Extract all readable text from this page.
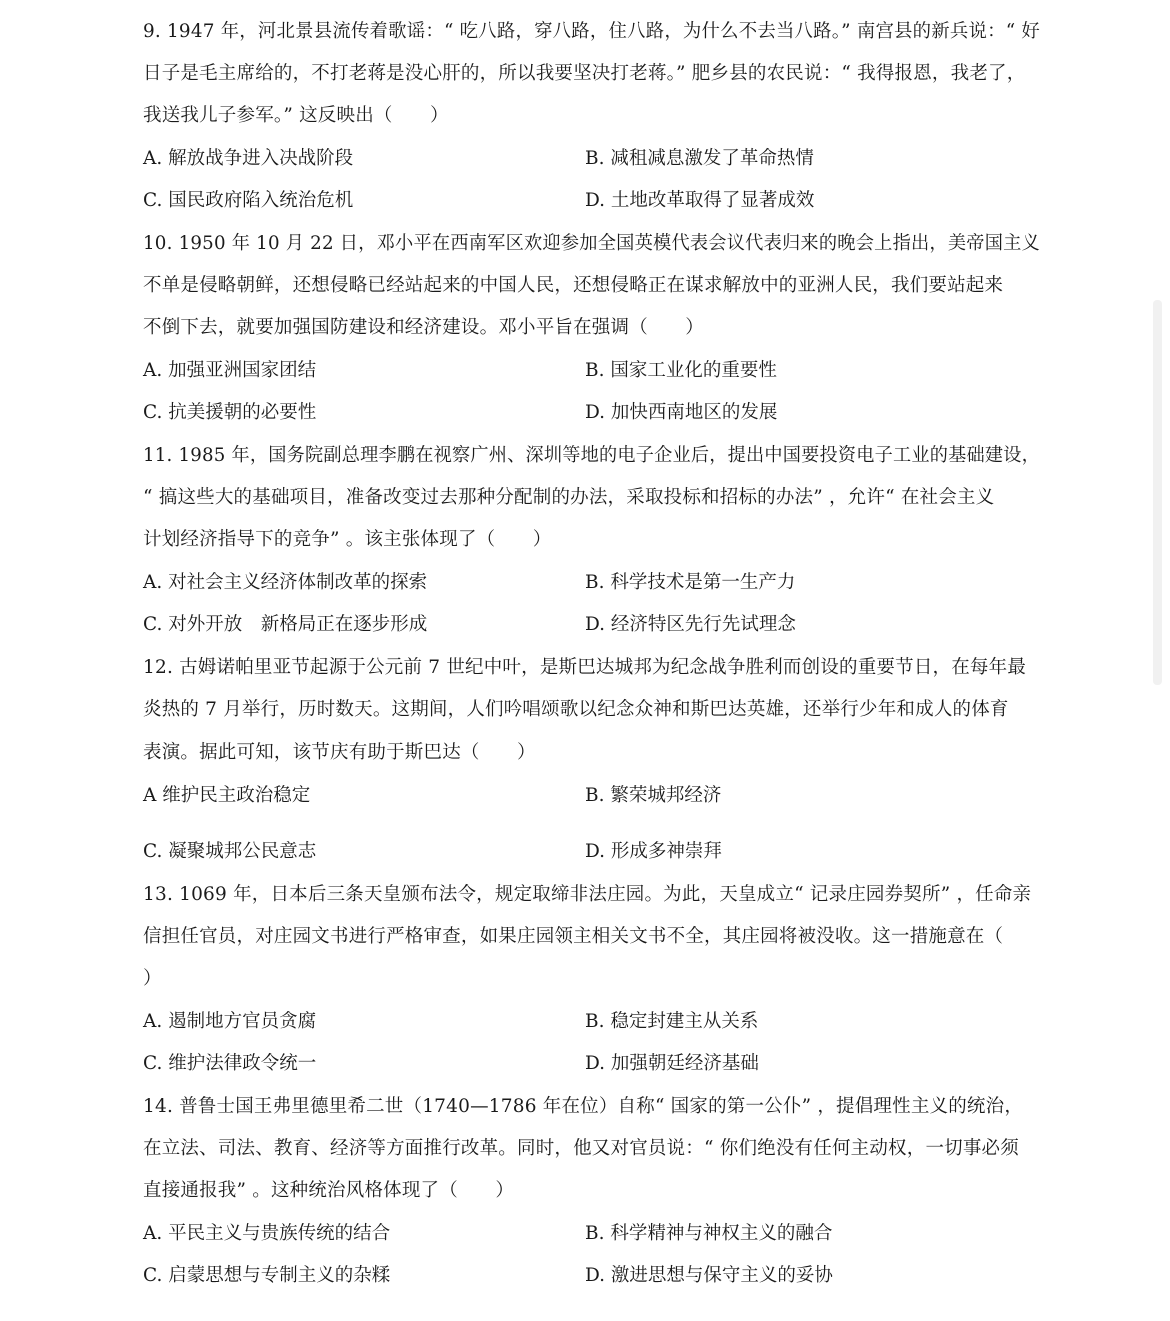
9. 1947 年，河北景县流传着歌谣：“ 吃八路，穿八路，住八路，为什么不去当八路。” 南宫县的新兵说：“ 好
日子是毛主席给的，不打老蒋是没心肝的，所以我要坚决打老蒋。” 肥乡县的农民说：“ 我得报恩，我老了，
我送我儿子参军。” 这反映出（　　）
A. 解放战争进入决战阶段	B. 减租减息激发了革命热情
C. 国民政府陷入统治危机	D. 土地改革取得了显著成效
10. 1950 年 10 月 22 日，邓小平在西南军区欢迎参加全国英模代表会议代表归来的晚会上指出，美帝国主义
不单是侵略朝鲜，还想侵略已经站起来的中国人民，还想侵略正在谋求解放中的亚洲人民，我们要站起来
不倒下去，就要加强国防建设和经济建设。邓小平旨在强调（　　）
A. 加强亚洲国家团结	B. 国家工业化的重要性
C. 抗美援朝的必要性	D. 加快西南地区的发展
11. 1985 年，国务院副总理李鹏在视察广州、深圳等地的电子企业后，提出中国要投资电子工业的基础建设，
“ 搞这些大的基础项目，准备改变过去那种分配制的办法，采取投标和招标的办法” ，允许“ 在社会主义
计划经济指导下的竞争” 。该主张体现了（　　）
A. 对社会主义经济体制改革的探索	B. 科学技术是第一生产力
C. 对外开放　新格局正在逐步形成	D. 经济特区先行先试理念
12. 古姆诺帕里亚节起源于公元前 7 世纪中叶，是斯巴达城邦为纪念战争胜利而创设的重要节日，在每年最
炎热的 7 月举行，历时数天。这期间，人们吟唱颂歌以纪念众神和斯巴达英雄，还举行少年和成人的体育
表演。据此可知，该节庆有助于斯巴达（　　）
A 维护民主政治稳定	B. 繁荣城邦经济
C. 凝聚城邦公民意志	D. 形成多神崇拜
13. 1069 年，日本后三条天皇颁布法令，规定取缔非法庄园。为此，天皇成立“ 记录庄园券契所” ，任命亲
信担任官员，对庄园文书进行严格审查，如果庄园领主相关文书不全，其庄园将被没收。这一措施意在（
）
A. 遏制地方官员贪腐	B. 稳定封建主从关系
C. 维护法律政令统一	D. 加强朝廷经济基础
14. 普鲁士国王弗里德里希二世（1740—1786 年在位）自称“ 国家的第一公仆” ，提倡理性主义的统治，
在立法、司法、教育、经济等方面推行改革。同时，他又对官员说：“ 你们绝没有任何主动权，一切事必须
直接通报我” 。这种统治风格体现了（　　）
A. 平民主义与贵族传统的结合	B. 科学精神与神权主义的融合
C. 启蒙思想与专制主义的杂糅	D. 激进思想与保守主义的妥协
